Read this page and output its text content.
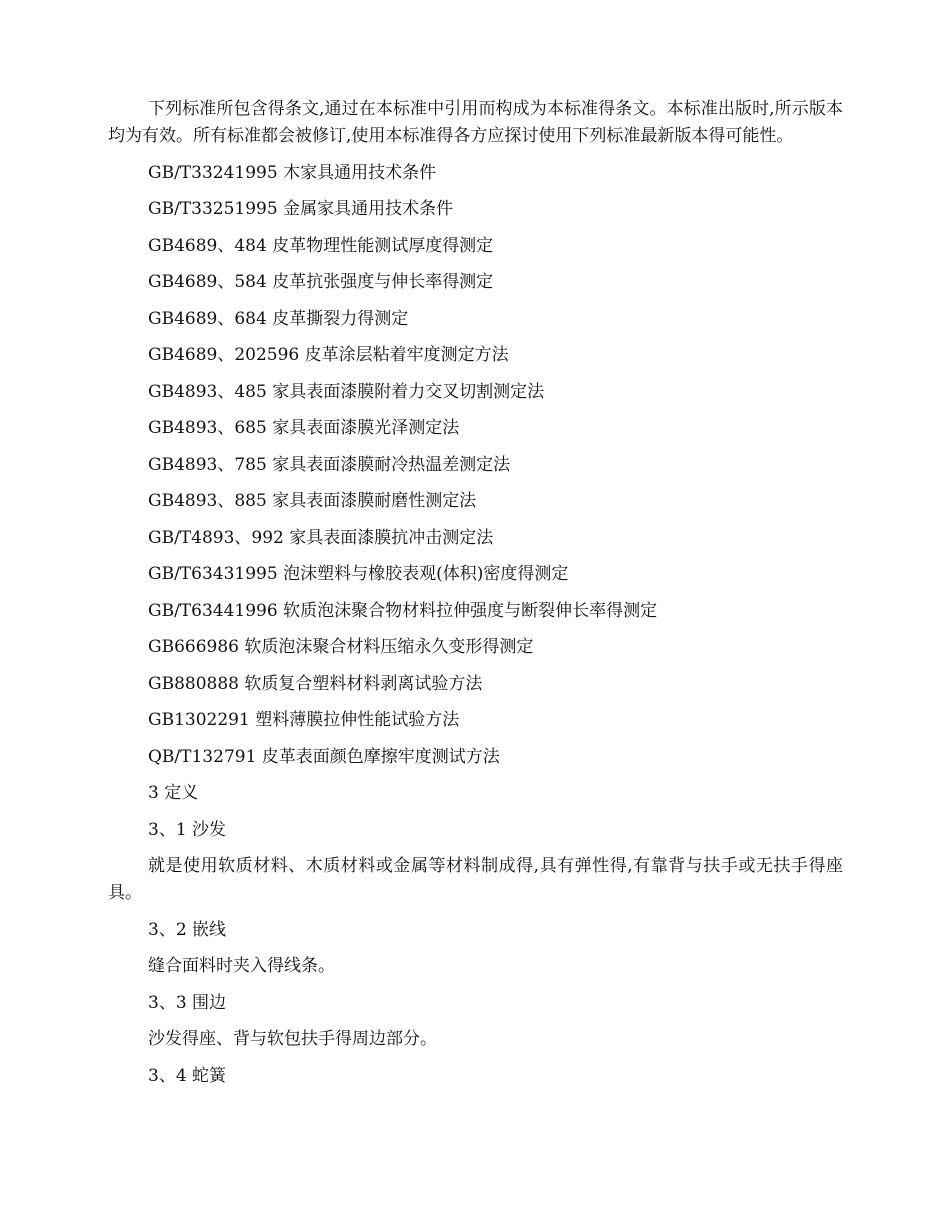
下列标准所包含得条文,通过在本标准中引用而构成为本标准得条文。本标准出版时,所示版本均为有效。所有标准都会被修订,使用本标准得各方应探讨使用下列标准最新版本得可能性。

GB/T33241995 木家具通用技术条件

GB/T33251995 金属家具通用技术条件

GB4689、484 皮革物理性能测试厚度得测定

GB4689、584 皮革抗张强度与伸长率得测定

GB4689、684 皮革撕裂力得测定

GB4689、202596 皮革涂层粘着牢度测定方法

GB4893、485 家具表面漆膜附着力交叉切割测定法

GB4893、685 家具表面漆膜光泽测定法

GB4893、785 家具表面漆膜耐冷热温差测定法

GB4893、885 家具表面漆膜耐磨性测定法

GB/T4893、992 家具表面漆膜抗冲击测定法

GB/T63431995 泡沫塑料与橡胶表观(体积)密度得测定

GB/T63441996 软质泡沫聚合物材料拉伸强度与断裂伸长率得测定

GB666986 软质泡沫聚合材料压缩永久变形得测定

GB880888 软质复合塑料材料剥离试验方法

GB1302291 塑料薄膜拉伸性能试验方法

QB/T132791 皮革表面颜色摩擦牢度测试方法

3 定义

3、1 沙发

就是使用软质材料、木质材料或金属等材料制成得,具有弹性得,有靠背与扶手或无扶手得座具。

3、2 嵌线

缝合面料时夹入得线条。

3、3 围边

沙发得座、背与软包扶手得周边部分。

3、4 蛇簧
